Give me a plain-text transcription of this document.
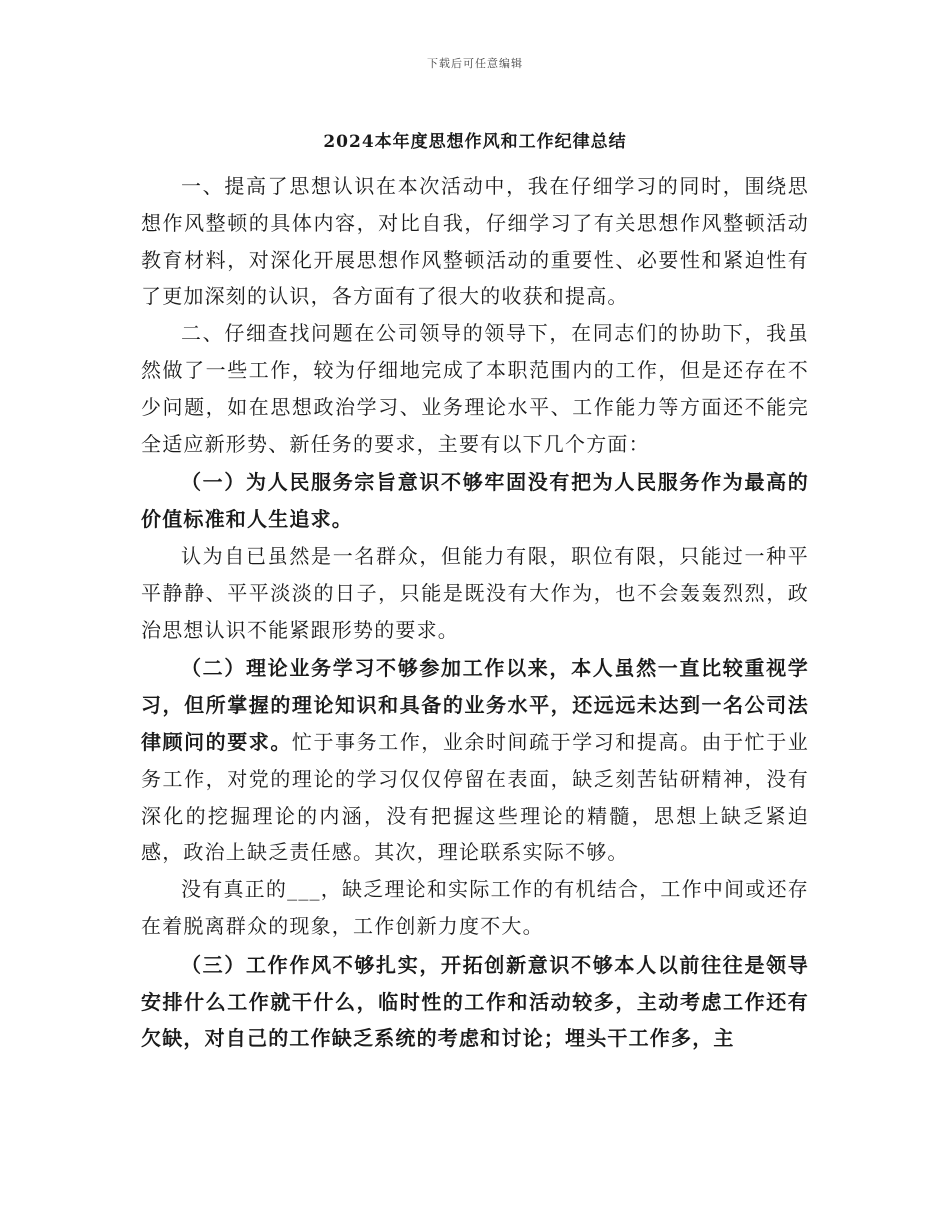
下载后可任意编辑
2024本年度思想作风和工作纪律总结

一、提高了思想认识在本次活动中，我在仔细学习的同时，围绕思想作风整顿的具体内容，对比自我，仔细学习了有关思想作风整顿活动教育材料，对深化开展思想作风整顿活动的重要性、必要性和紧迫性有了更加深刻的认识，各方面有了很大的收获和提高。

二、仔细查找问题在公司领导的领导下，在同志们的协助下，我虽然做了一些工作，较为仔细地完成了本职范围内的工作，但是还存在不少问题，如在思想政治学习、业务理论水平、工作能力等方面还不能完全适应新形势、新任务的要求，主要有以下几个方面：

（一）为人民服务宗旨意识不够牢固没有把为人民服务作为最高的价值标准和人生追求。

认为自已虽然是一名群众，但能力有限，职位有限，只能过一种平平静静、平平淡淡的日子，只能是既没有大作为，也不会轰轰烈烈，政治思想认识不能紧跟形势的要求。

（二）理论业务学习不够参加工作以来，本人虽然一直比较重视学习，但所掌握的理论知识和具备的业务水平，还远远未达到一名公司法律顾问的要求。忙于事务工作，业余时间疏于学习和提高。由于忙于业务工作，对党的理论的学习仅仅停留在表面，缺乏刻苦钻研精神，没有深化的挖掘理论的内涵，没有把握这些理论的精髓，思想上缺乏紧迫感，政治上缺乏责任感。其次，理论联系实际不够。

没有真正的___，缺乏理论和实际工作的有机结合，工作中间或还存在着脱离群众的现象，工作创新力度不大。

（三）工作作风不够扎实，开拓创新意识不够本人以前往往是领导安排什么工作就干什么，临时性的工作和活动较多，主动考虑工作还有欠缺，对自己的工作缺乏系统的考虑和讨论；埋头干工作多，主
